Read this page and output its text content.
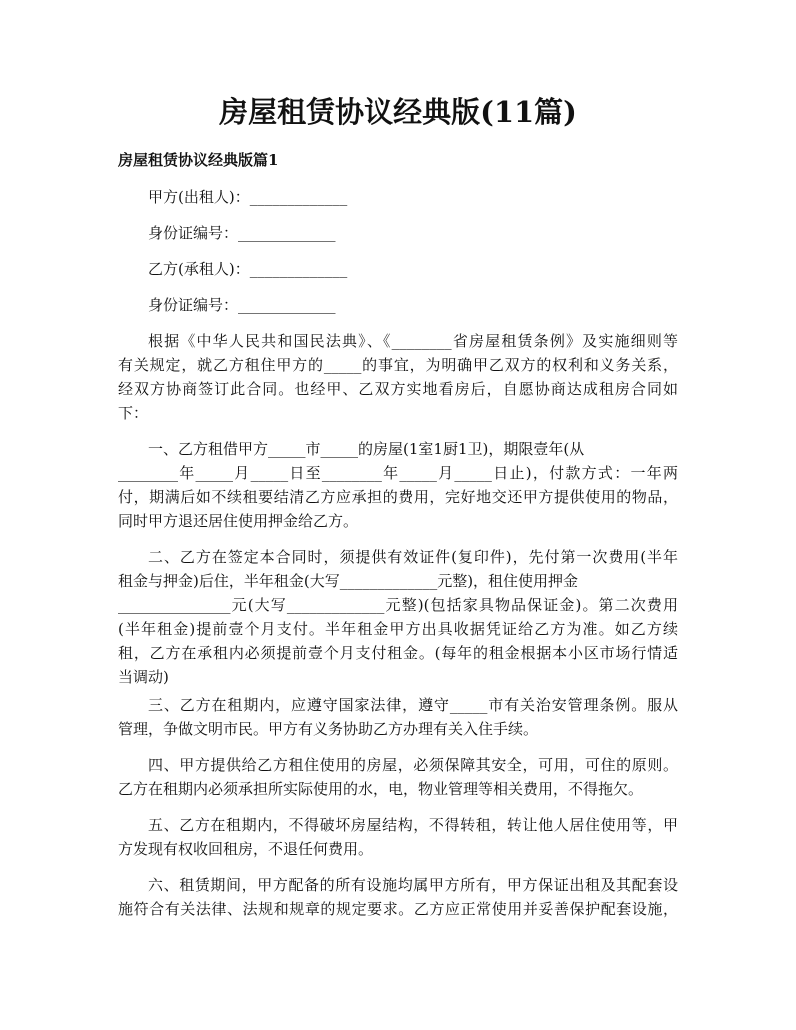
房屋租赁协议经典版(11篇)
房屋租赁协议经典版篇1
甲方(出租人)：_____________
身份证编号：_____________
乙方(承租人)：_____________
身份证编号：_____________
根据《中华人民共和国民法典》、《________省房屋租赁条例》及实施细则等
有关规定，就乙方租住甲方的_____的事宜，为明确甲乙双方的权利和义务关系，
经双方协商签订此合同。也经甲、乙双方实地看房后，自愿协商达成租房合同如
下：
一、乙方租借甲方_____市_____的房屋(1室1厨1卫)，期限壹年(从
________年_____月_____日至________年_____月_____日止)，付款方式：一年两
付，期满后如不续租要结清乙方应承担的费用，完好地交还甲方提供使用的物品，
同时甲方退还居住使用押金给乙方。
二、乙方在签定本合同时，须提供有效证件(复印件)，先付第一次费用(半年
租金与押金)后住，半年租金(大写_____________元整)，租住使用押金
_______________元(大写_____________元整)(包括家具物品保证金)。第二次费用
(半年租金)提前壹个月支付。半年租金甲方出具收据凭证给乙方为准。如乙方续
租，乙方在承租内必须提前壹个月支付租金。(每年的租金根据本小区市场行情适
当调动)
三、乙方在租期内，应遵守国家法律，遵守_____市有关治安管理条例。服从
管理，争做文明市民。甲方有义务协助乙方办理有关入住手续。
四、甲方提供给乙方租住使用的房屋，必须保障其安全，可用，可住的原则。
乙方在租期内必须承担所实际使用的水，电，物业管理等相关费用，不得拖欠。
五、乙方在租期内，不得破坏房屋结构，不得转租，转让他人居住使用等，甲
方发现有权收回租房，不退任何费用。
六、租赁期间，甲方配备的所有设施均属甲方所有，甲方保证出租及其配套设
施符合有关法律、法规和规章的规定要求。乙方应正常使用并妥善保护配套设施，
